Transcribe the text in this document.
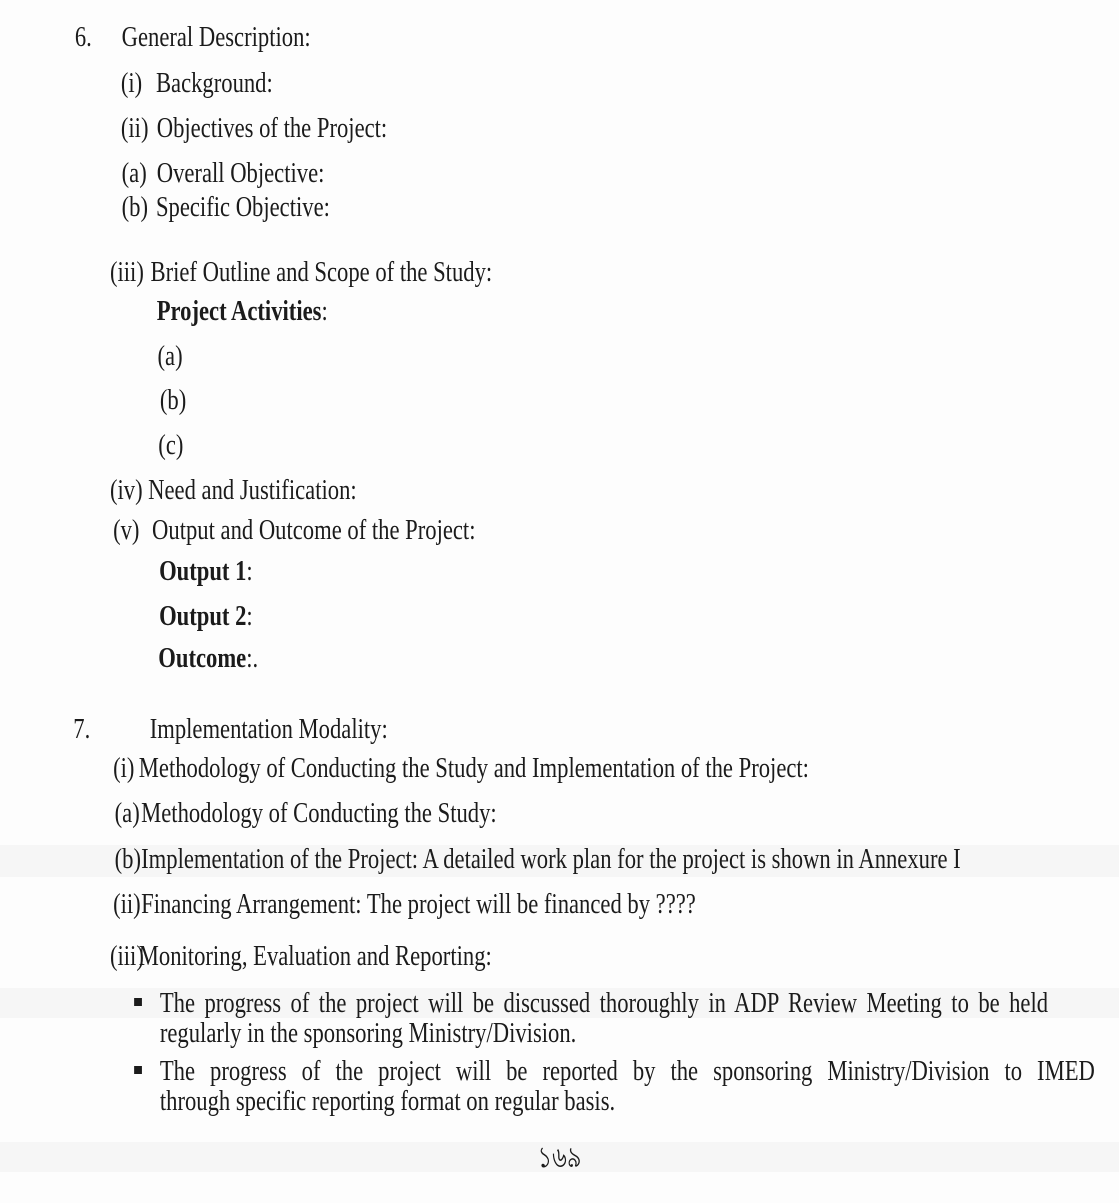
6. General Description:
(i) Background:
(ii) Objectives of the Project:
(a) Overall Objective:
(b) Specific Objective:
(iii) Brief Outline and Scope of the Study:
Project Activities:
(a)
(b)
(c)
(iv) Need and Justification:
(v) Output and Outcome of the Project:
Output 1:
Output 2:
Outcome:.
7. Implementation Modality:
(i) Methodology of Conducting the Study and Implementation of the Project:
(a) Methodology of Conducting the Study:
(b) Implementation of the Project: A detailed work plan for the project is shown in Annexure I
(ii) Financing Arrangement: The project will be financed by ????
(iii)
Monitoring, Evaluation and Reporting:
The progress of the project will be discussed thoroughly in ADP Review Meeting to be held
regularly in the sponsoring Ministry/Division.
The progress of the project will be reported by the sponsoring Ministry/Division to IMED
through specific reporting format on regular basis.
১৬৯
